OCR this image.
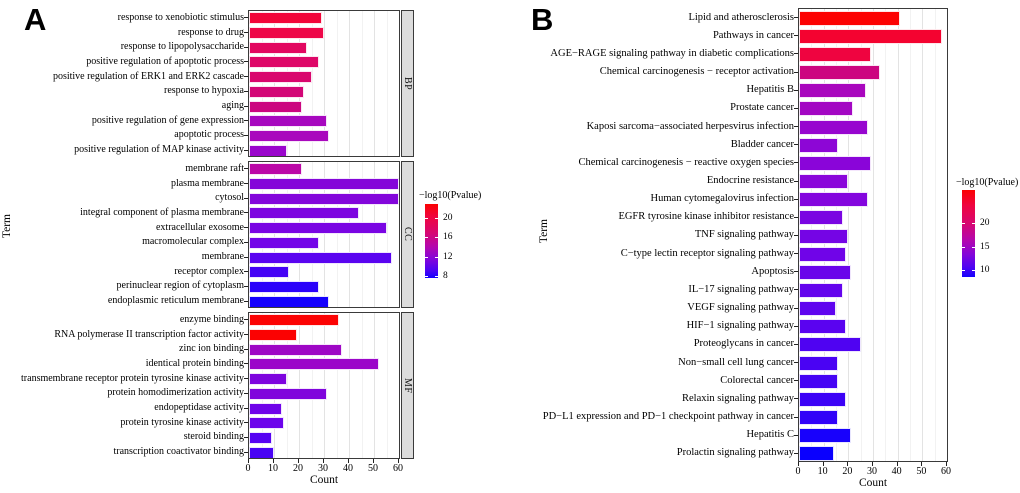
A	B
Term	Term
Count	Count
−log10(Pvalue)
−log10(Pvalue)
response to xenobiotic stimulus
response to drug
response to lipopolysaccharide
positive regulation of apoptotic process
positive regulation of ERK1 and ERK2 cascade
response to hypoxia
aging
positive regulation of gene expression
apoptotic process
positive regulation of MAP kinase activity
BP
membrane raft
plasma membrane
cytosol
integral component of plasma membrane
extracellular exosome
macromolecular complex
membrane
receptor complex
perinuclear region of cytoplasm
endoplasmic reticulum membrane
CC
enzyme binding
RNA polymerase II transcription factor activity
zinc ion binding
identical protein binding
transmembrane receptor protein tyrosine kinase activity
protein homodimerization activity
endopeptidase activity
protein tyrosine kinase activity
steroid binding
transcription coactivator binding
MF
0	10	20	30	40	50	60
Lipid and atherosclerosis
Pathways in cancer
AGE−RAGE signaling pathway in diabetic complications
Chemical carcinogenesis − receptor activation
Hepatitis B
Prostate cancer
Kaposi sarcoma−associated herpesvirus infection
Bladder cancer
Chemical carcinogenesis − reactive oxygen species
Endocrine resistance
Human cytomegalovirus infection
EGFR tyrosine kinase inhibitor resistance
TNF signaling pathway
C−type lectin receptor signaling pathway
Apoptosis
IL−17 signaling pathway
VEGF signaling pathway
HIF−1 signaling pathway
Proteoglycans in cancer
Non−small cell lung cancer
Colorectal cancer
Relaxin signaling pathway
PD−L1 expression and PD−1 checkpoint pathway in cancer
Hepatitis C
Prolactin signaling pathway
0	10	20	30	40	50	60
20
16
12
8
20
15
10
